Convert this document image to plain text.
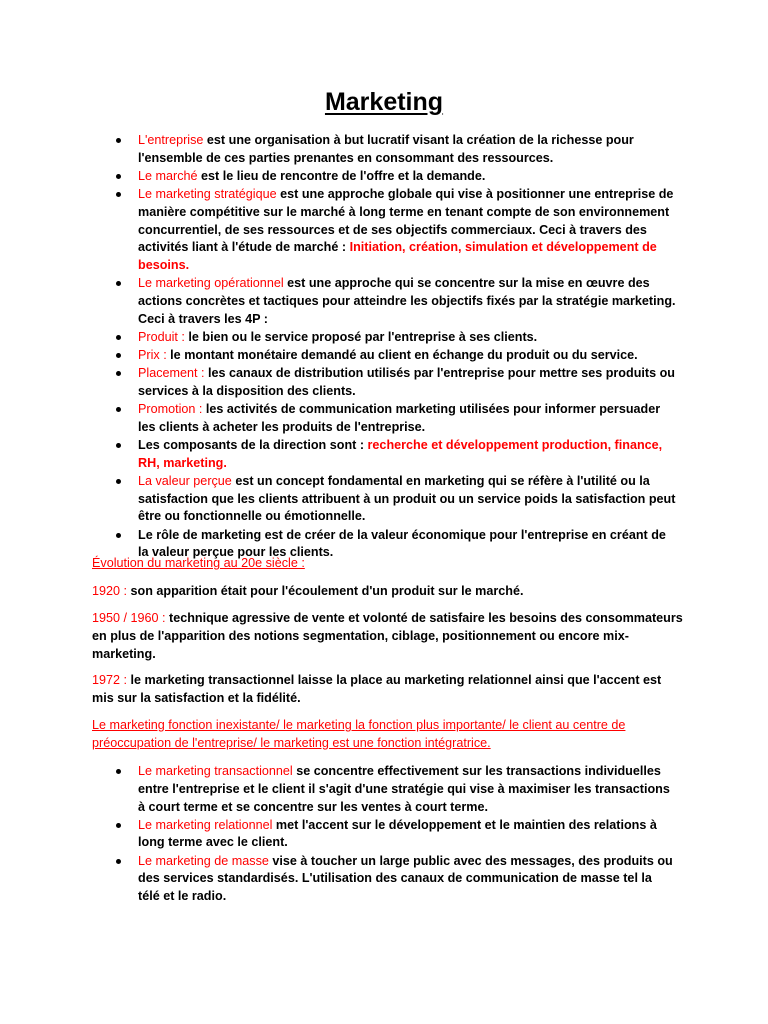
Marketing
L'entreprise est une organisation à but lucratif visant la création de la richesse pour l'ensemble de ces parties prenantes en consommant des ressources.
Le marché est le lieu de rencontre de l'offre et la demande.
Le marketing stratégique est une approche globale qui vise à positionner une entreprise de manière compétitive sur le marché à long terme en tenant compte de son environnement concurrentiel, de ses ressources et de ses objectifs commerciaux. Ceci à travers des activités liant à l'étude de marché : Initiation, création, simulation et développement de besoins.
Le marketing opérationnel est une approche qui se concentre sur la mise en œuvre des actions concrètes et tactiques pour atteindre les objectifs fixés par la stratégie marketing. Ceci à travers les 4P :
Produit : le bien ou le service proposé par l'entreprise à ses clients.
Prix : le montant monétaire demandé au client en échange du produit ou du service.
Placement : les canaux de distribution utilisés par l'entreprise pour mettre ses produits ou services à la disposition des clients.
Promotion : les activités de communication marketing utilisées pour informer persuader les clients à acheter les produits de l'entreprise.
Les composants de la direction sont : recherche et développement production, finance, RH, marketing.
La valeur perçue est un concept fondamental en marketing qui se réfère à l'utilité ou la satisfaction que les clients attribuent à un produit ou un service poids la satisfaction peut être ou fonctionnelle ou émotionnelle.
Le rôle de marketing est de créer de la valeur économique pour l'entreprise en créant de la valeur perçue pour les clients.

Évolution du marketing au 20e siècle :

1920 : son apparition était pour l'écoulement d'un produit sur le marché.

1950 / 1960 : technique agressive de vente et volonté de satisfaire les besoins des consommateurs en plus de l'apparition des notions segmentation, ciblage, positionnement ou encore mix-marketing.

1972 : le marketing transactionnel laisse la place au marketing relationnel ainsi que l'accent est mis sur la satisfaction et la fidélité.

Le marketing fonction inexistante/ le marketing la fonction plus importante/ le client au centre de préoccupation de l'entreprise/ le marketing est une fonction intégratrice.

Le marketing transactionnel se concentre effectivement sur les transactions individuelles entre l'entreprise et le client il s'agit d'une stratégie qui vise à maximiser les transactions à court terme et se concentre sur les ventes à court terme.
Le marketing relationnel met l'accent sur le développement et le maintien des relations à long terme avec le client.
Le marketing de masse vise à toucher un large public avec des messages, des produits ou des services standardisés. L'utilisation des canaux de communication de masse tel la télé et le radio.
